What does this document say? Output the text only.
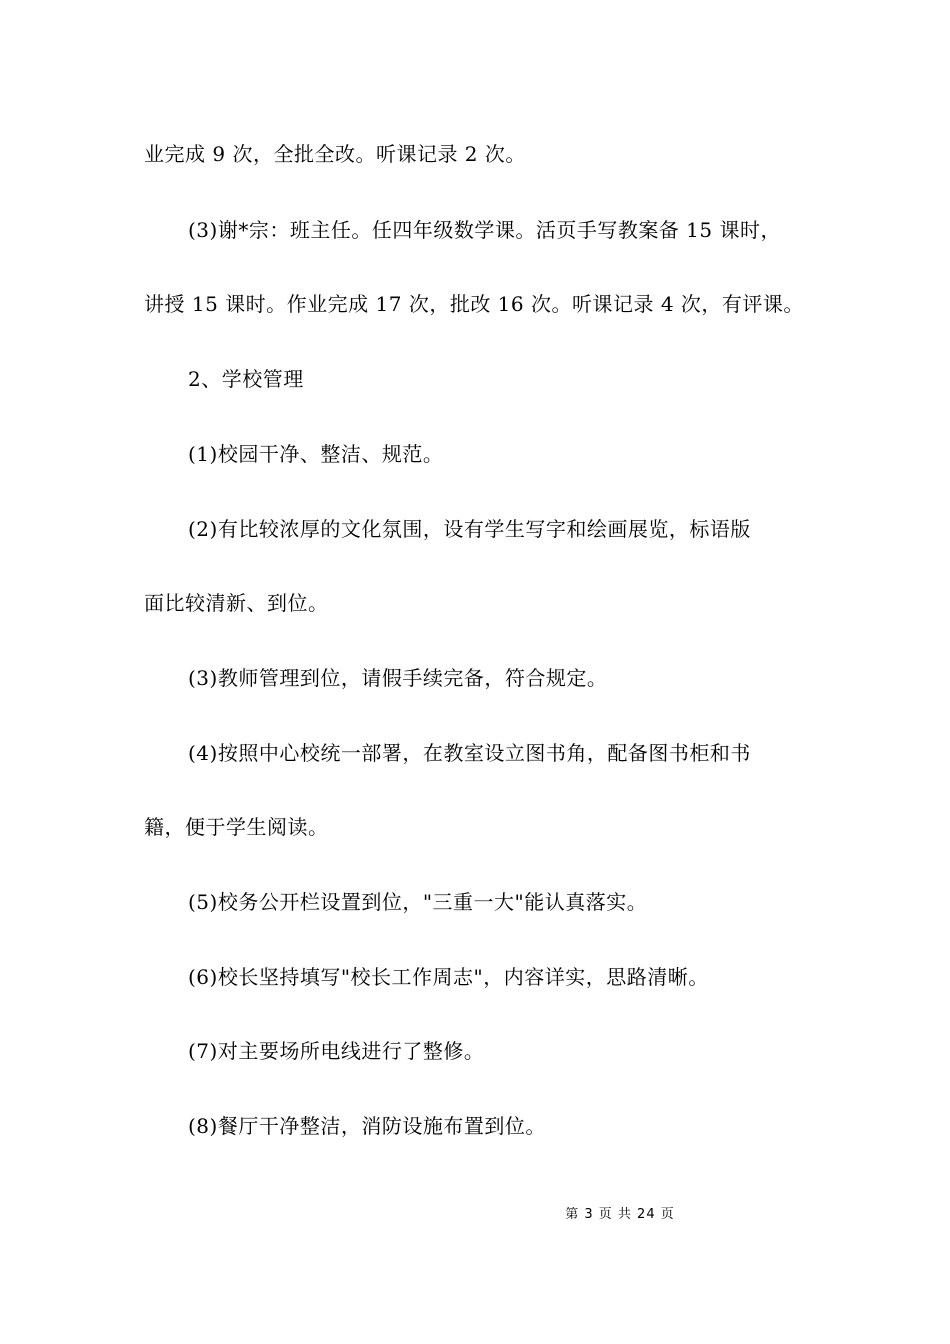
业完成 9 次，全批全改。听课记录 2 次。
(3)谢*宗：班主任。任四年级数学课。活页手写教案备 15 课时，
讲授 15 课时。作业完成 17 次，批改 16 次。听课记录 4 次，有评课。
2、学校管理
(1)校园干净、整洁、规范。
(2)有比较浓厚的文化氛围，设有学生写字和绘画展览，标语版
面比较清新、到位。
(3)教师管理到位，请假手续完备，符合规定。
(4)按照中心校统一部署，在教室设立图书角，配备图书柜和书
籍，便于学生阅读。
(5)校务公开栏设置到位，"三重一大"能认真落实。
(6)校长坚持填写"校长工作周志"，内容详实，思路清晰。
(7)对主要场所电线进行了整修。
(8)餐厅干净整洁，消防设施布置到位。
第 3 页 共 24 页
